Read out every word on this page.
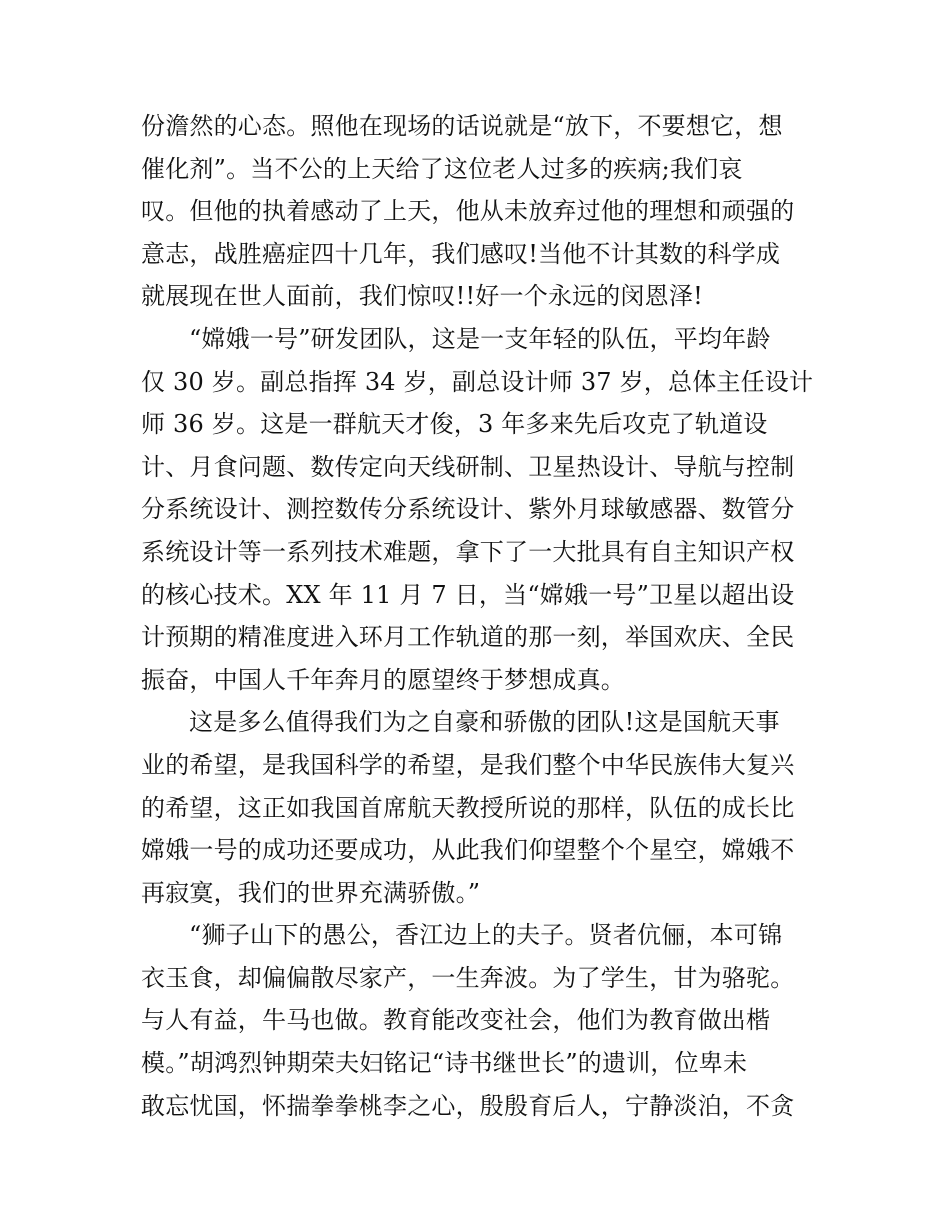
份澹然的心态。照他在现场的话说就是“放下，不要想它，想
催化剂”。当不公的上天给了这位老人过多的疾病;我们哀
叹。但他的执着感动了上天，他从未放弃过他的理想和顽强的
意志，战胜癌症四十几年，我们感叹!当他不计其数的科学成
就展现在世人面前，我们惊叹!!好一个永远的闵恩泽!
“嫦娥一号”研发团队，这是一支年轻的队伍，平均年龄
仅 30 岁。副总指挥 34 岁，副总设计师 37 岁，总体主任设计
师 36 岁。这是一群航天才俊，3 年多来先后攻克了轨道设
计、月食问题、数传定向天线研制、卫星热设计、导航与控制
分系统设计、测控数传分系统设计、紫外月球敏感器、数管分
系统设计等一系列技术难题，拿下了一大批具有自主知识产权
的核心技术。XX 年 11 月 7 日，当“嫦娥一号”卫星以超出设
计预期的精准度进入环月工作轨道的那一刻，举国欢庆、全民
振奋，中国人千年奔月的愿望终于梦想成真。
这是多么值得我们为之自豪和骄傲的团队!这是国航天事
业的希望，是我国科学的希望，是我们整个中华民族伟大复兴
的希望，这正如我国首席航天教授所说的那样，队伍的成长比
嫦娥一号的成功还要成功，从此我们仰望整个个星空，嫦娥不
再寂寞，我们的世界充满骄傲。”
“狮子山下的愚公，香江边上的夫子。贤者伉俪，本可锦
衣玉食，却偏偏散尽家产，一生奔波。为了学生，甘为骆驼。
与人有益，牛马也做。教育能改变社会，他们为教育做出楷
模。”胡鸿烈钟期荣夫妇铭记“诗书继世长”的遗训，位卑未
敢忘忧国，怀揣拳拳桃李之心，殷殷育后人，宁静淡泊，不贪
